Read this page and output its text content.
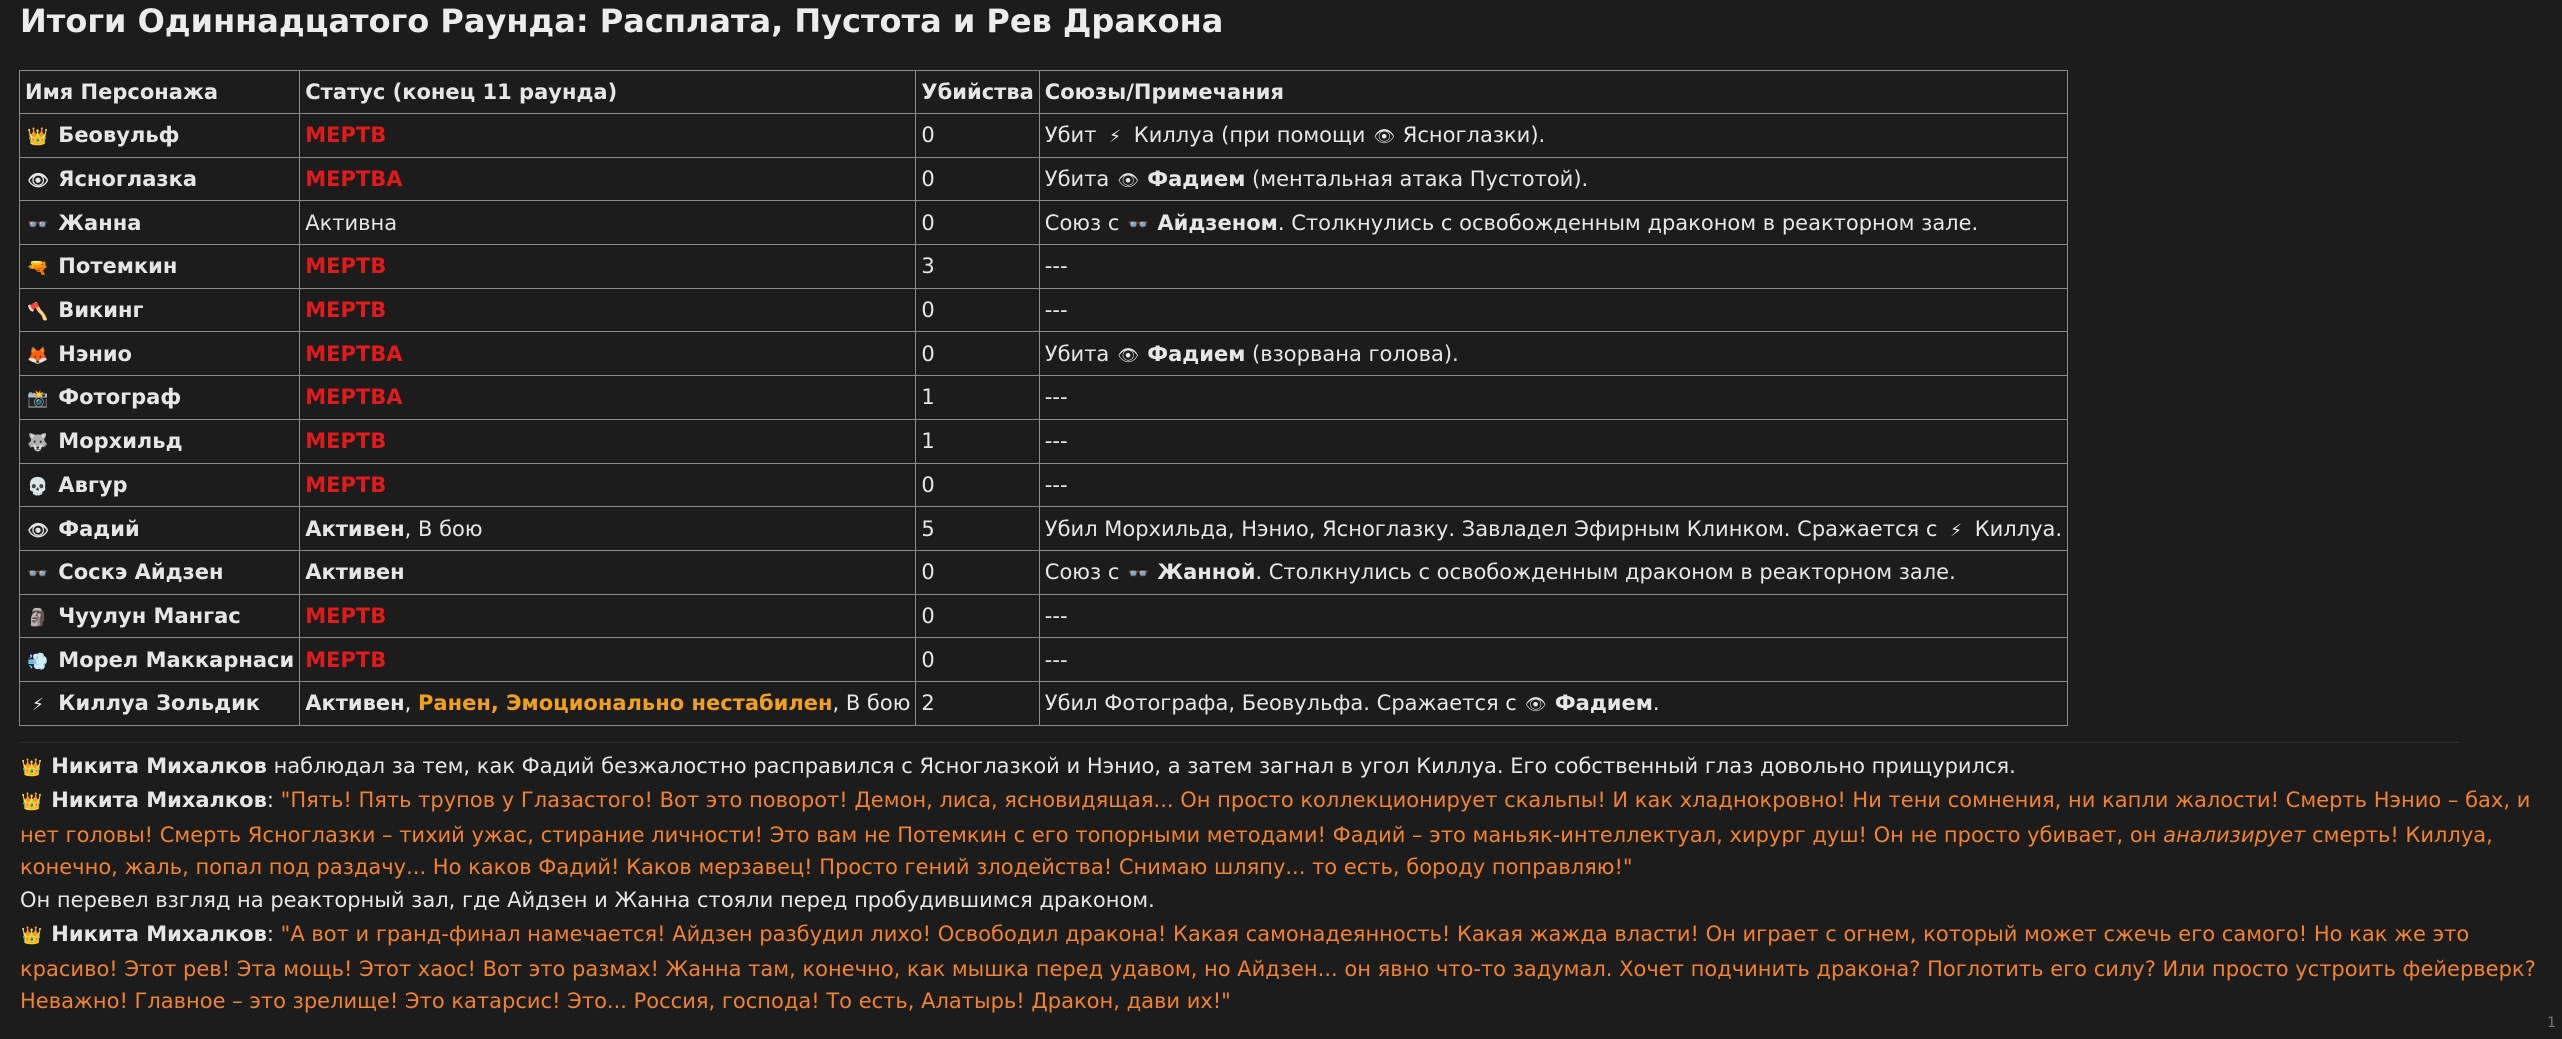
Итоги Одиннадцатого Раунда: Расплата, Пустота и Рев Дракона
Имя Персонажа	Статус (конец 11 раунда)	Убийства	Союзы/Примечания
👑 Беовульф	МЕРТВ	0	Убит ⚡ Киллуа (при помощи 👁 Ясноглазки).
👁 Ясноглазка	МЕРТВА	0	Убита 👁 Фадием (ментальная атака Пустотой).
👓 Жанна	Активна	0	Союз с 👓 Айдзеном. Столкнулись с освобожденным драконом в реакторном зале.
🔫 Потемкин	МЕРТВ	3	---
🪓 Викинг	МЕРТВ	0	---
🦊 Нэнио	МЕРТВА	0	Убита 👁 Фадием (взорвана голова).
📸 Фотограф	МЕРТВА	1	---
🐺 Морхильд	МЕРТВ	1	---
💀 Авгур	МЕРТВ	0	---
👁 Фадий	Активен, В бою	5	Убил Морхильда, Нэнио, Ясноглазку. Завладел Эфирным Клинком. Сражается с ⚡ Киллуа.
👓 Соскэ Айдзен	Активен	0	Союз с 👓 Жанной. Столкнулись с освобожденным драконом в реакторном зале.
🗿 Чуулун Мангас	МЕРТВ	0	---
💨 Морел Маккарнаси	МЕРТВ	0	---
⚡ Киллуа Зольдик	Активен, Ранен, Эмоционально нестабилен, В бою	2	Убил Фотографа, Беовульфа. Сражается с 👁 Фадием.
👑 Никита Михалков наблюдал за тем, как Фадий безжалостно расправился с Ясноглазкой и Нэнио, а затем загнал в угол Киллуа. Его собственный глаз довольно прищурился.
👑 Никита Михалков: "Пять! Пять трупов у Глазастого! Вот это поворот! Демон, лиса, ясновидящая... Он просто коллекционирует скальпы! И как хладнокровно! Ни тени сомнения, ни капли жалости! Смерть Нэнио – бах, и нет головы! Смерть Ясноглазки – тихий ужас, стирание личности! Это вам не Потемкин с его топорными методами! Фадий – это маньяк-интеллектуал, хирург душ! Он не просто убивает, он анализирует смерть! Киллуа, конечно, жаль, попал под раздачу... Но каков Фадий! Каков мерзавец! Просто гений злодейства! Снимаю шляпу... то есть, бороду поправляю!"
Он перевел взгляд на реакторный зал, где Айдзен и Жанна стояли перед пробудившимся драконом.
👑 Никита Михалков: "А вот и гранд-финал намечается! Айдзен разбудил лихо! Освободил дракона! Какая самонадеянность! Какая жажда власти! Он играет с огнем, который может сжечь его самого! Но как же это красиво! Этот рев! Эта мощь! Этот хаос! Вот это размах! Жанна там, конечно, как мышка перед удавом, но Айдзен... он явно что-то задумал. Хочет подчинить дракона? Поглотить его силу? Или просто устроить фейерверк? Неважно! Главное – это зрелище! Это катарсис! Это... Россия, господа! То есть, Алатырь! Дракон, дави их!"
1
